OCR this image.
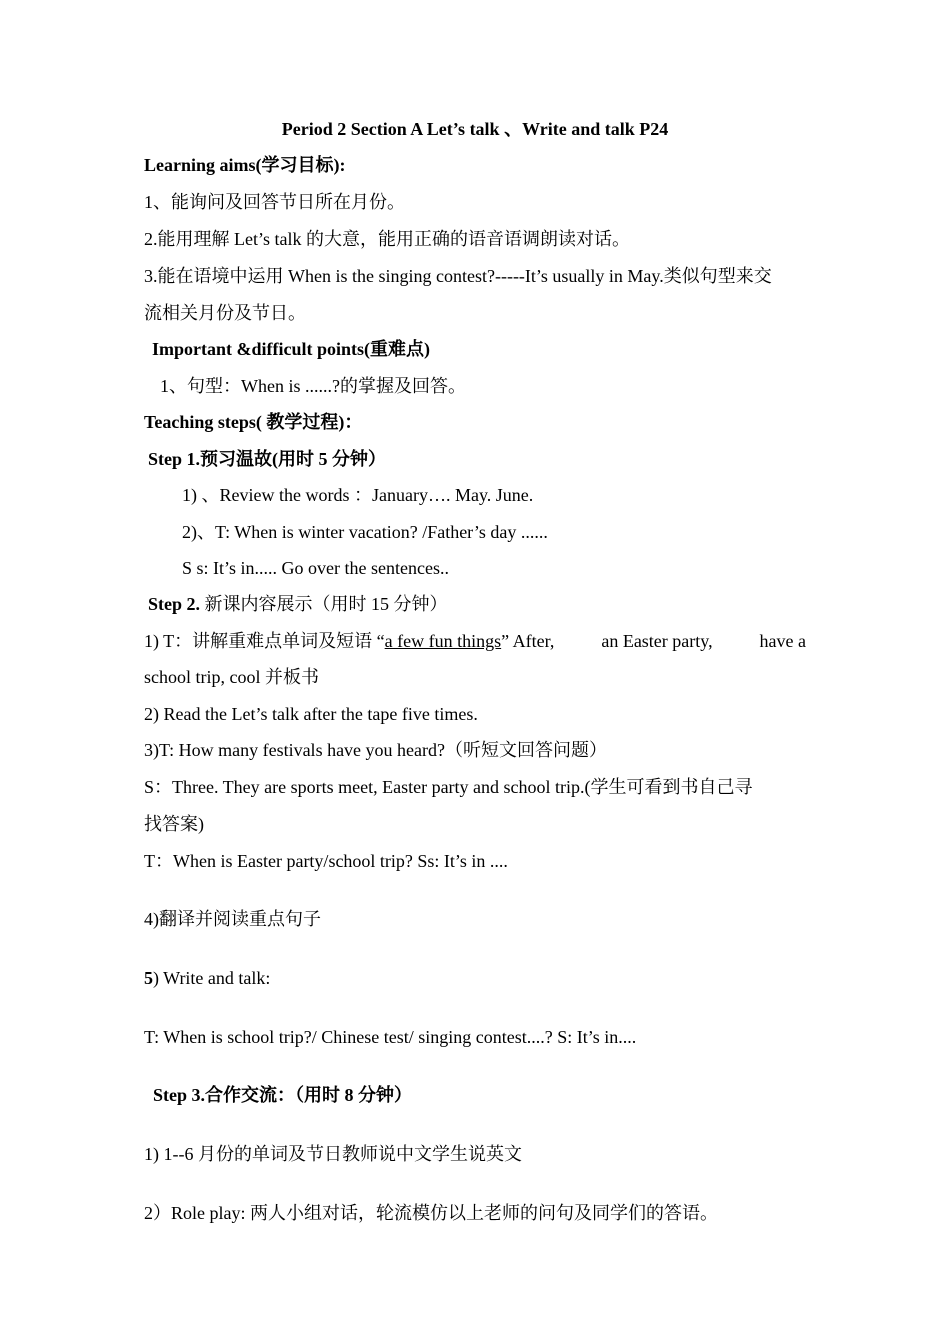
Period 2 Section A Let’s talk 、Write and talk P24
Learning aims(学习目标):
1、能询问及回答节日所在月份。
2.能用理解 Let’s talk 的大意，能用正确的语音语调朗读对话。
3.能在语境中运用 When is the singing contest?-----It’s usually in May.类似句型来交
流相关月份及节日。
Important &difficult points(重难点)
1、句型：When is ......?的掌握及回答。
Teaching steps( 教学过程)：
Step 1.预习温故(用时 5 分钟）
1) 、Review the words ：January…. May. June.
2)、T: When is winter vacation? /Father’s day ......
S s: It’s in..... Go over the sentences..
Step 2. 新课内容展示（用时 15 分钟）
1) T：讲解重难点单词及短语 “a few fun things” After,	an Easter party,	have a
school trip, cool 并板书
2) Read the Let’s talk after the tape five times.
3)T: How many festivals have you heard?（听短文回答问题）
S：Three. They are sports meet, Easter party and school trip.(学生可看到书自己寻
找答案)
T：When is Easter party/school trip? Ss: It’s in ....
4)翻译并阅读重点句子
5) Write and talk:
T: When is school trip?/ Chinese test/ singing contest....? S: It’s in....
Step 3.合作交流：（用时 8 分钟）
1) 1--6 月份的单词及节日教师说中文学生说英文
2）Role play: 两人小组对话，轮流模仿以上老师的问句及同学们的答语。
